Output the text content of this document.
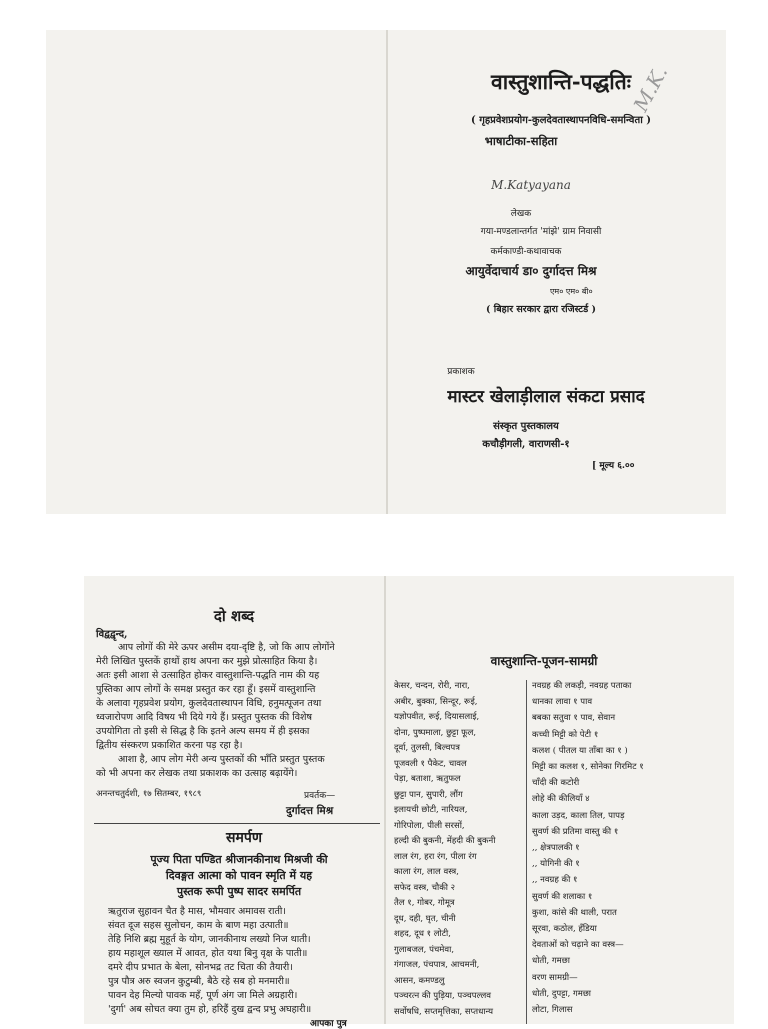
वास्तुशान्ति-पद्धतिः
( गृहप्रवेशप्रयोग-कुलदेवतास्थापनविधि-समन्विता )
भाषाटीका-सहिता
M.K.
M.Katyayana
लेखक
गया-मण्डलान्तर्गत 'मांझे' ग्राम निवासी
कर्मकाण्डी-कथावाचक
आयुर्वेदाचार्य डा० दुर्गादत्त मिश्र
एम० एम० बी०
( बिहार सरकार द्वारा रजिस्टर्ड )
प्रकाशक
मास्टर खेलाड़ीलाल संकटा प्रसाद
संस्कृत पुस्तकालय
कचौड़ीगली, वाराणसी-१
[ मूल्य ६.००
दो शब्द
विद्वद्वृन्द,
आप लोगों की मेरे ऊपर असीम दया-दृष्टि है, जो कि आप लोगोंने
मेरी लिखित पुस्तकें हाथों हाथ अपना कर मुझे प्रोत्साहित किया है।
अतः इसी आशा से उत्साहित होकर वास्तुशान्ति-पद्धति नाम की यह
पुस्तिका आप लोगों के समक्ष प्रस्तुत कर रहा हूँ। इसमें वास्तुशान्ति
के अलावा गृहप्रवेश प्रयोग, कुलदेवतास्थापन विधि, हनुमत्पूजन तथा
ध्वजारोपण आदि विषय भी दिये गये हैं। प्रस्तुत पुस्तक की विशेष
उपयोगिता तो इसी से सिद्ध है कि इतने अल्प समय में ही इसका
द्वितीय संस्करण प्रकाशित करना पड़ रहा है।
आशा है, आप लोग मेरी अन्य पुस्तकों की भाँति प्रस्तुत पुस्तक
को भी अपना कर लेखक तथा प्रकाशक का उत्साह बढ़ायेंगे।
अनन्तचतुर्दशी, १७ सितम्बर, १९८९	प्रवर्तक—
दुर्गादत्त मिश्र
समर्पण
पूज्य पिता पण्डित श्रीजानकीनाथ मिश्रजी की
दिवङ्गत आत्मा को पावन स्मृति में यह
पुस्तक रूपी पुष्प सादर समर्पित
ऋतुराज सुहावन चैत है मास, भौमवार अमावस राती।
संवत दूज सहस सुलोचन, काम के बाण महा उत्पाती॥
तेहि निशि ब्रह्म मुहूर्त के योग, जानकीनाथ लख्यो निज थाती।
हाय महाशूल ख्याल में आवत, होत यथा बिनु वृक्ष के पाती॥
दमरे दीप प्रभात के बेला, सोनभद्र तट चिता की तैयारी।
पुत्र पौत्र अरु स्वजन कुटुम्बी, बैठे रहे सब हो मनमारी॥
पावन देह मिल्यो पावक महँ, पूर्ण अंग जा मिले अग्रहारी।
'दुर्गा' अब सोचत क्या तुम हो, हरिहैं दुख द्वन्द प्रभु अघहारी॥
आपका पुत्र
वास्तुशान्ति-पूजन-सामग्री
केसर, चन्दन, रोरी, नारा,
अबीर, बुक्का, सिन्दूर, रूई,
यज्ञोपवीत, रूई, दियासलाई,
दोना, पुष्पमाला, छुट्टा फूल,
दूर्वा, तुलसी, बिल्वपत्र
पूजवली १ पैकेट, चावल
पेड़ा, बताशा, ऋतुफल
छुट्टा पान, सुपारी, लौंग
इलायची छोटी, नारियल,
गोरिपोला, पीली सरसों,
हल्दी की बुकनी, मेंहदी की बुकनी
लाल रंग, हरा रंग, पीला रंग
काला रंग, लाल वस्त्र,
सफेद वस्त्र, चौकी २
तैल १, गोबर, गोमूत्र
दूध, दही, घृत, चीनी
शहद, दूध १ लोटी,
गुलाबजल, पंचमेवा,
गंगाजल, पंचपात्र, आचमनी,
आसन, कमण्डलु
पञ्चरत्न की पुड़िया, पञ्चपल्लव
सर्वोषधि, सप्तमृत्तिका, सप्तधान्य
नवग्रह की लकड़ी, नवग्रह पताका
धानका लावा १ पाव
बबका सतुवा १ पाव, सेवान
कच्ची मिट्टी को पेटी १
कलश ( पीतल या ताँबा का १ )
मिट्टी का कलश १, सोनेका गिरमिट १
चाँदी की कटोरी
लोहे की कीलियाँ ४
काला उड़द, काला तिल, पापड़
सुवर्ण की प्रतिमा वास्तु की १
,, क्षेत्रपालकी १
,, योगिनी की १
,, नवग्रह की १
सुवर्ण की शलाका १
कुशा, कांसे की थाली, परात
सूरवा, कठोल, हँडिया
देवताओं को चढ़ाने का वस्त्र—
धोती, गमछा
वरण सामग्री—
धोती, दुपट्टा, गमछा
लोटा, गिलास
